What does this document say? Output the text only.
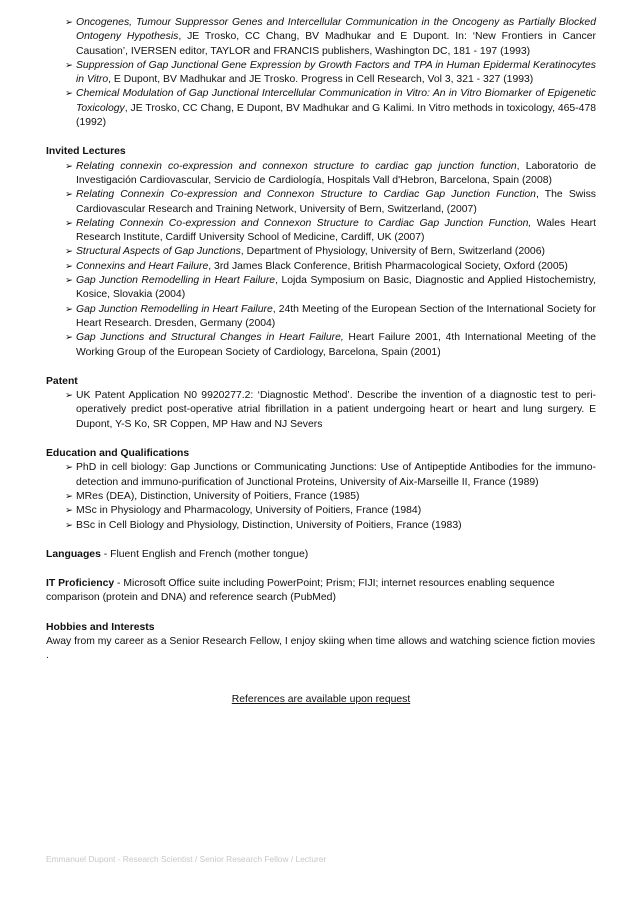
➢ Oncogenes, Tumour Suppressor Genes and Intercellular Communication in the Oncogeny as Partially Blocked Ontogeny Hypothesis, JE Trosko, CC Chang, BV Madhukar and E Dupont. In: ‘New Frontiers in Cancer Causation’, IVERSEN editor, TAYLOR and FRANCIS publishers, Washington DC, 181 - 197 (1993)

➢ Suppression of Gap Junctional Gene Expression by Growth Factors and TPA in Human Epidermal Keratinocytes in Vitro, E Dupont, BV Madhukar and JE Trosko. Progress in Cell Research, Vol 3, 321 - 327 (1993)

➢ Chemical Modulation of Gap Junctional Intercellular Communication in Vitro: An in Vitro Biomarker of Epigenetic Toxicology, JE Trosko, CC Chang, E Dupont, BV Madhukar and G Kalimi. In Vitro methods in toxicology, 465-478 (1992)

Invited Lectures

➢ Relating connexin co-expression and connexon structure to cardiac gap junction function, Laboratorio de Investigación Cardiovascular, Servicio de Cardiología, Hospitals Vall d'Hebron, Barcelona, Spain (2008)

➢ Relating Connexin Co-expression and Connexon Structure to Cardiac Gap Junction Function, The Swiss Cardiovascular Research and Training Network, University of Bern, Switzerland, (2007)

➢ Relating Connexin Co-expression and Connexon Structure to Cardiac Gap Junction Function, Wales Heart Research Institute, Cardiff University School of Medicine, Cardiff, UK (2007)

➢ Structural Aspects of Gap Junctions, Department of Physiology, University of Bern, Switzerland (2006)

➢ Connexins and Heart Failure, 3rd James Black Conference, British Pharmacological Society, Oxford (2005)

➢ Gap Junction Remodelling in Heart Failure, Lojda Symposium on Basic, Diagnostic and Applied Histochemistry, Kosice, Slovakia (2004)

➢ Gap Junction Remodelling in Heart Failure, 24th Meeting of the European Section of the International Society for Heart Research. Dresden, Germany (2004)

➢ Gap Junctions and Structural Changes in Heart Failure, Heart Failure 2001, 4th International Meeting of the Working Group of the European Society of Cardiology, Barcelona, Spain (2001)

Patent

➢ UK Patent Application N0 9920277.2: ‘Diagnostic Method’. Describe the invention of a diagnostic test to peri-operatively predict post-operative atrial fibrillation in a patient undergoing heart or heart and lung surgery. E Dupont, Y-S Ko, SR Coppen, MP Haw and NJ Severs

Education and Qualifications

➢ PhD in cell biology: Gap Junctions or Communicating Junctions: Use of Antipeptide Antibodies for the immuno-detection and immuno-purification of Junctional Proteins, University of Aix-Marseille II, France (1989)

➢ MRes (DEA), Distinction, University of Poitiers, France (1985)

➢ MSc in Physiology and Pharmacology, University of Poitiers, France (1984)

➢ BSc in Cell Biology and Physiology, Distinction, University of Poitiers, France (1983)

Languages - Fluent English and French (mother tongue)

IT Proficiency - Microsoft Office suite including PowerPoint; Prism; FIJI; internet resources enabling sequence comparison (protein and DNA) and reference search (PubMed)

Hobbies and Interests

Away from my career as a Senior Research Fellow, I enjoy skiing when time allows and watching science fiction movies .

References are available upon request

Emmanuel Dupont - Research Scientist / Senior Research Fellow / Lecturer
